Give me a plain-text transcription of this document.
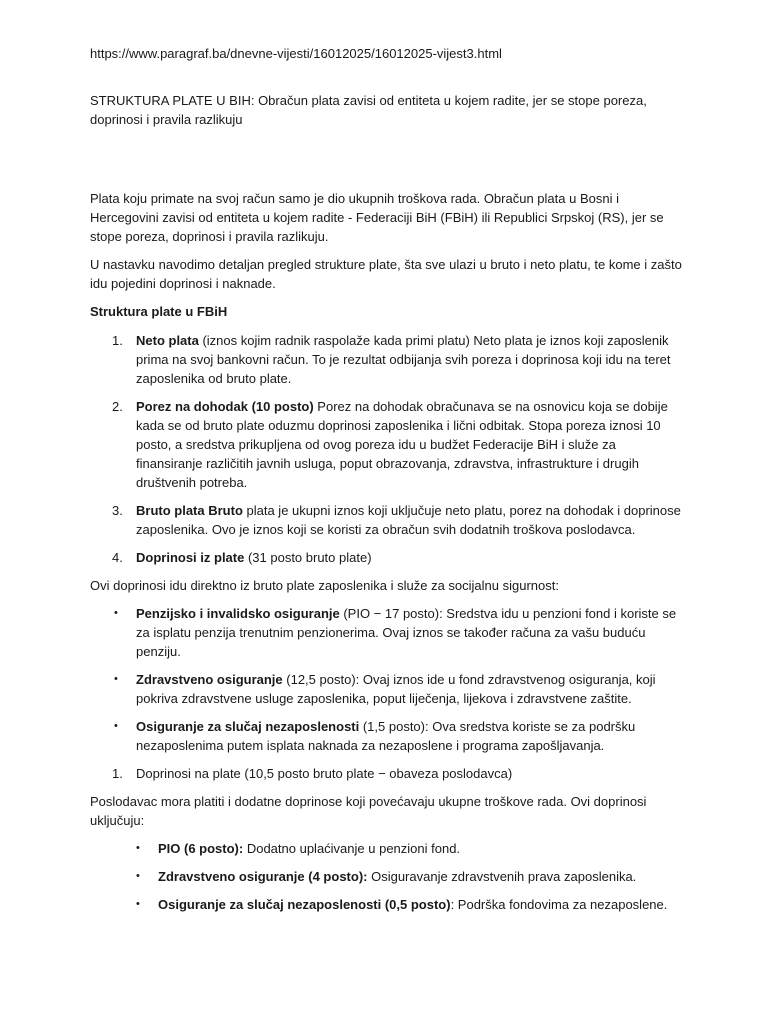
https://www.paragraf.ba/dnevne-vijesti/16012025/16012025-vijest3.html

STRUKTURA PLATE U BIH: Obračun plata zavisi od entiteta u kojem radite, jer se stope poreza, doprinosi i pravila razlikuju

Plata koju primate na svoj račun samo je dio ukupnih troškova rada. Obračun plata u Bosni i Hercegovini zavisi od entiteta u kojem radite - Federaciji BiH (FBiH) ili Republici Srpskoj (RS), jer se stope poreza, doprinosi i pravila razlikuju.

U nastavku navodimo detaljan pregled strukture plate, šta sve ulazi u bruto i neto platu, te kome i zašto idu pojedini doprinosi i naknade.

Struktura plate u FBiH

1. Neto plata (iznos kojim radnik raspolaže kada primi platu) Neto plata je iznos koji zaposlenik prima na svoj bankovni račun. To je rezultat odbijanja svih poreza i doprinosa koji idu na teret zaposlenika od bruto plate.
2. Porez na dohodak (10 posto) Porez na dohodak obračunava se na osnovicu koja se dobije kada se od bruto plate oduzmu doprinosi zaposlenika i lični odbitak. Stopa poreza iznosi 10 posto, a sredstva prikupljena od ovog poreza idu u budžet Federacije BiH i služe za finansiranje različitih javnih usluga, poput obrazovanja, zdravstva, infrastrukture i drugih društvenih potreba.
3. Bruto plata Bruto plata je ukupni iznos koji uključuje neto platu, porez na dohodak i doprinose zaposlenika. Ovo je iznos koji se koristi za obračun svih dodatnih troškova poslodavca.
4. Doprinosi iz plate (31 posto bruto plate)

Ovi doprinosi idu direktno iz bruto plate zaposlenika i služe za socijalnu sigurnost:

• Penzijsko i invalidsko osiguranje (PIO − 17 posto): Sredstva idu u penzioni fond i koriste se za isplatu penzija trenutnim penzionerima. Ovaj iznos se također računa za vašu buduću penziju.
• Zdravstveno osiguranje (12,5 posto): Ovaj iznos ide u fond zdravstvenog osiguranja, koji pokriva zdravstvene usluge zaposlenika, poput liječenja, lijekova i zdravstvene zaštite.
• Osiguranje za slučaj nezaposlenosti (1,5 posto): Ova sredstva koriste se za podršku nezaposlenima putem isplata naknada za nezaposlene i programa zapošljavanja.
1. Doprinosi na plate (10,5 posto bruto plate − obaveza poslodavca)

Poslodavac mora platiti i dodatne doprinose koji povećavaju ukupne troškove rada. Ovi doprinosi uključuju:

• PIO (6 posto): Dodatno uplaćivanje u penzioni fond.
• Zdravstveno osiguranje (4 posto): Osiguravanje zdravstvenih prava zaposlenika.
• Osiguranje za slučaj nezaposlenosti (0,5 posto): Podrška fondovima za nezaposlene.
